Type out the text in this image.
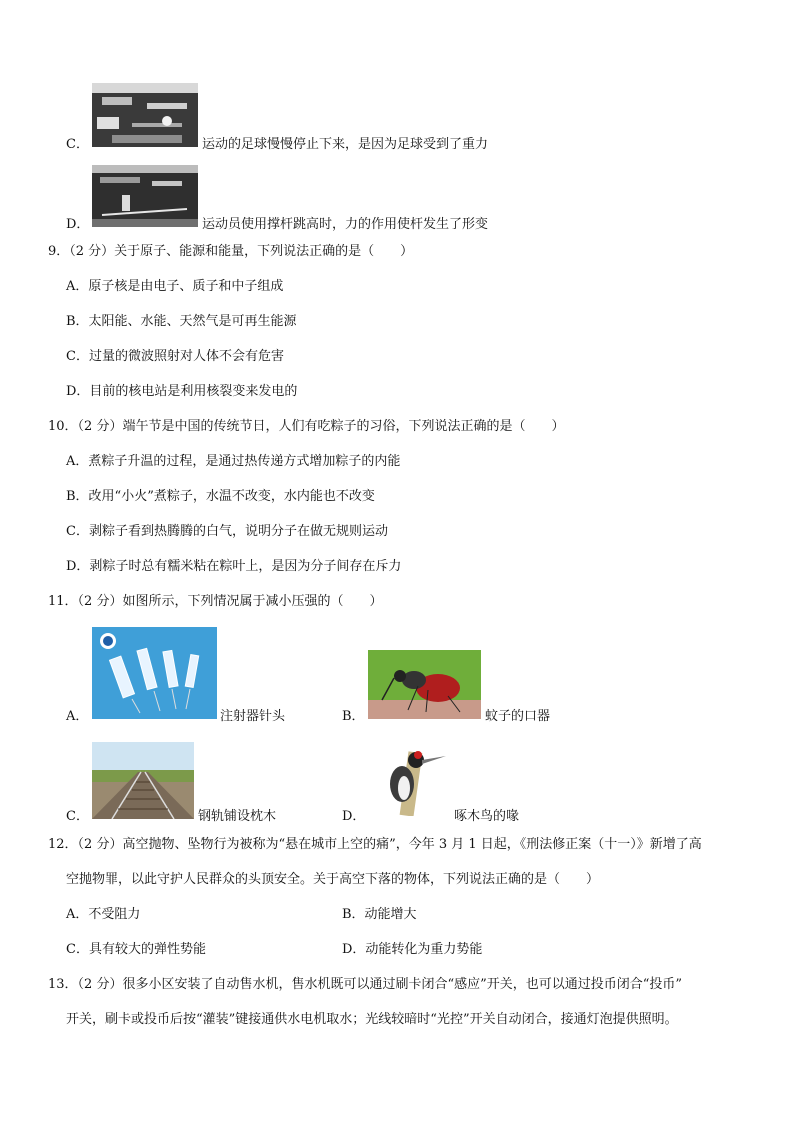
C．	运动的足球慢慢停止下来，是因为足球受到了重力
D．	运动员使用撑杆跳高时，力的作用使杆发生了形变
9．（2 分）关于原子、能源和能量，下列说法正确的是（　　）
A．原子核是由电子、质子和中子组成
B．太阳能、水能、天然气是可再生能源
C．过量的微波照射对人体不会有危害
D．目前的核电站是利用核裂变来发电的
10．（2 分）端午节是中国的传统节日，人们有吃粽子的习俗，下列说法正确的是（　　）
A．煮粽子升温的过程，是通过热传递方式增加粽子的内能
B．改用“小火”煮粽子，水温不改变，水内能也不改变
C．剥粽子看到热腾腾的白气，说明分子在做无规则运动
D．剥粽子时总有糯米粘在粽叶上，是因为分子间存在斥力
11．（2 分）如图所示，下列情况属于减小压强的（　　）
A．	注射器针头	B．	蚊子的口器
C．	钢轨铺设枕木	D．	啄木鸟的喙
12．（2 分）高空抛物、坠物行为被称为“悬在城市上空的痛”，今年 3 月 1 日起，《刑法修正案（十一）》新增了高
空抛物罪，以此守护人民群众的头顶安全。关于高空下落的物体，下列说法正确的是（　　）
A．不受阻力	B．动能增大
C．具有较大的弹性势能	D．动能转化为重力势能
13．（2 分）很多小区安装了自动售水机，售水机既可以通过刷卡闭合“感应”开关，也可以通过投币闭合“投币”
开关，刷卡或投币后按“灌装”键接通供水电机取水；光线较暗时“光控”开关自动闭合，接通灯泡提供照明。
